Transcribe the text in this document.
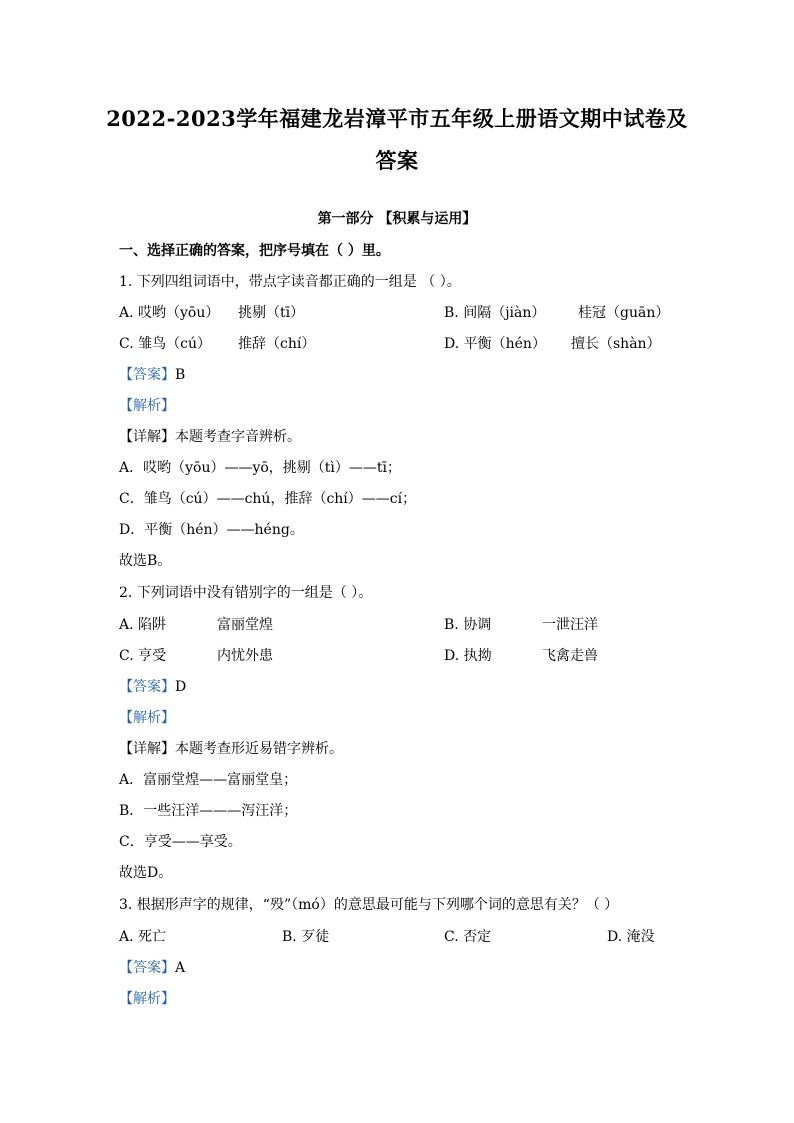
2022-2023学年福建龙岩漳平市五年级上册语文期中试卷及
答案
第一部分 【积累与运用】
一、选择正确的答案，把序号填在（ ）里。
1. 下列四组词语中，带点字读音都正确的一组是 （ ）。
A. 哎哟（yōu） 挑剔（tī）	B. 间隔（jiàn） 桂冠（guān）
C. 雏鸟（cú） 推辞（chí）	D. 平衡（hén） 擅长（shàn）
【答案】B
【解析】
【详解】本题考查字音辨析。
A．哎哟（yōu）——yō，挑剔（tì）——tī；
C．雏鸟（cú）——chú，推辞（chí）——cí；
D．平衡（hén）——héng。
故选B。
2. 下列词语中没有错别字的一组是（ ）。
A. 陷阱	富丽堂煌	B. 协调	一泄汪洋
C. 亨受	内忧外患	D. 执拗	飞禽走兽
【答案】D
【解析】
【详解】本题考查形近易错字辨析。
A．富丽堂煌——富丽堂皇；
B．一些汪洋———泻汪洋；
C．亨受——享受。
故选D。
3. 根据形声字的规律，“殁”（mó）的意思最可能与下列哪个词的意思有关？（ ）
A. 死亡	B. 歹徒	C. 否定	D. 淹没
【答案】A
【解析】
